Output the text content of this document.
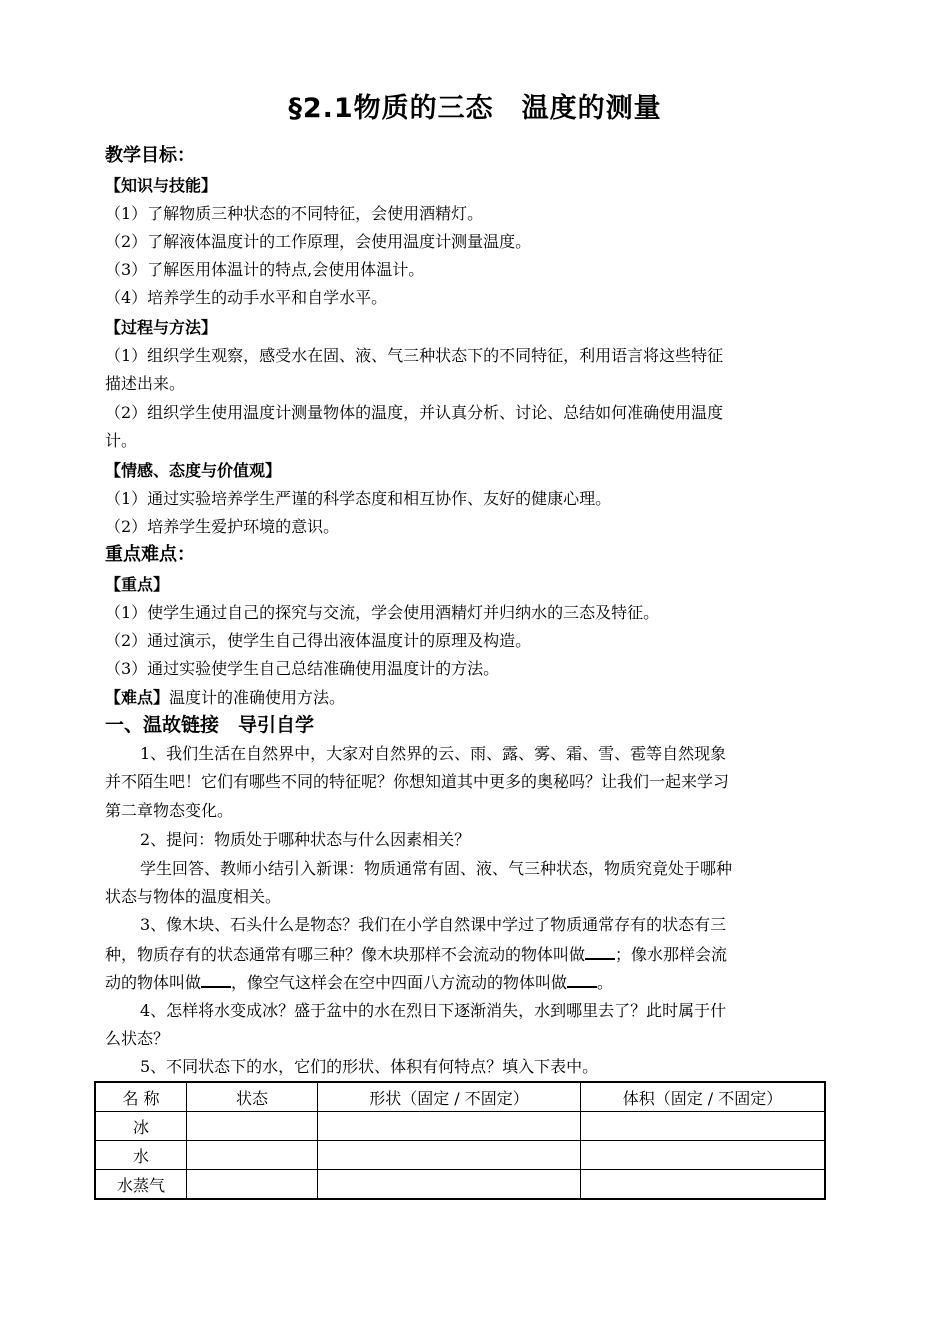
§2.1物质的三态　温度的测量
教学目标：
【知识与技能】
（1）了解物质三种状态的不同特征，会使用酒精灯。
（2）了解液体温度计的工作原理，会使用温度计测量温度。
（3）了解医用体温计的特点,会使用体温计。
（4）培养学生的动手水平和自学水平。
【过程与方法】
（1）组织学生观察，感受水在固、液、气三种状态下的不同特征，利用语言将这些特征
描述出来。
（2）组织学生使用温度计测量物体的温度，并认真分析、讨论、总结如何准确使用温度
计。
【情感、态度与价值观】
（1）通过实验培养学生严谨的科学态度和相互协作、友好的健康心理。
（2）培养学生爱护环境的意识。
重点难点：
【重点】
（1）使学生通过自己的探究与交流，学会使用酒精灯并归纳水的三态及特征。
（2）通过演示，使学生自己得出液体温度计的原理及构造。
（3）通过实验使学生自己总结准确使用温度计的方法。
【难点】温度计的准确使用方法。
一、温故链接　导引自学
1、我们生活在自然界中，大家对自然界的云、雨、露、雾、霜、雪、雹等自然现象
并不陌生吧！它们有哪些不同的特征呢？你想知道其中更多的奥秘吗？让我们一起来学习
第二章物态变化。
2、提问：物质处于哪种状态与什么因素相关？
学生回答、教师小结引入新课：物质通常有固、液、气三种状态，物质究竟处于哪种
状态与物体的温度相关。
3、像木块、石头什么是物态？我们在小学自然课中学过了物质通常存有的状态有三
种，物质存有的状态通常有哪三种？像木块那样不会流动的物体叫做 ；像水那样会流
动的物体叫做 ，像空气这样会在空中四面八方流动的物体叫做 。
4、怎样将水变成冰？盛于盆中的水在烈日下逐渐消失，水到哪里去了？此时属于什
么状态？
5、不同状态下的水，它们的形状、体积有何特点？填入下表中。
名 称	状态	形状（固定 / 不固定）	体积（固定 / 不固定）
冰			
水			
水蒸气			
